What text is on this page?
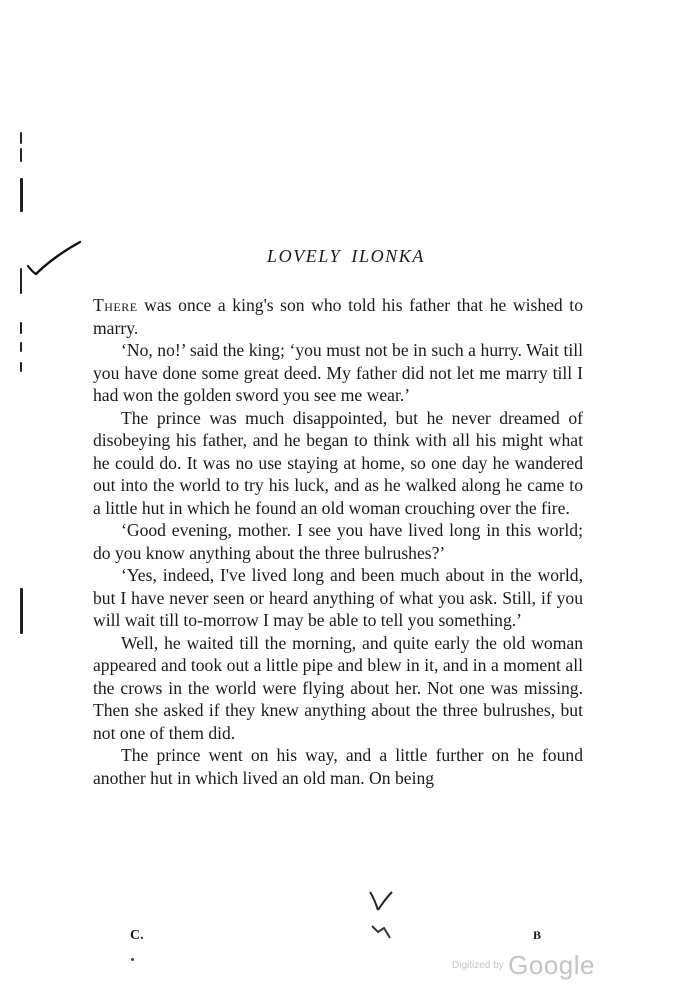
LOVELY ILONKA

There was once a king's son who told his father that he wished to marry.

‘No, no!’ said the king; ‘you must not be in such a hurry. Wait till you have done some great deed. My father did not let me marry till I had won the golden sword you see me wear.’

The prince was much disappointed, but he never dreamed of disobeying his father, and he began to think with all his might what he could do. It was no use staying at home, so one day he wandered out into the world to try his luck, and as he walked along he came to a little hut in which he found an old woman crouching over the fire.

‘Good evening, mother. I see you have lived long in this world; do you know anything about the three bulrushes?’

‘Yes, indeed, I've lived long and been much about in the world, but I have never seen or heard anything of what you ask. Still, if you will wait till to-morrow I may be able to tell you something.’

Well, he waited till the morning, and quite early the old woman appeared and took out a little pipe and blew in it, and in a moment all the crows in the world were flying about her. Not one was missing. Then she asked if they knew anything about the three bulrushes, but not one of them did.

The prince went on his way, and a little further on he found another hut in which lived an old man. On being

C.	B
Digitized by Google
